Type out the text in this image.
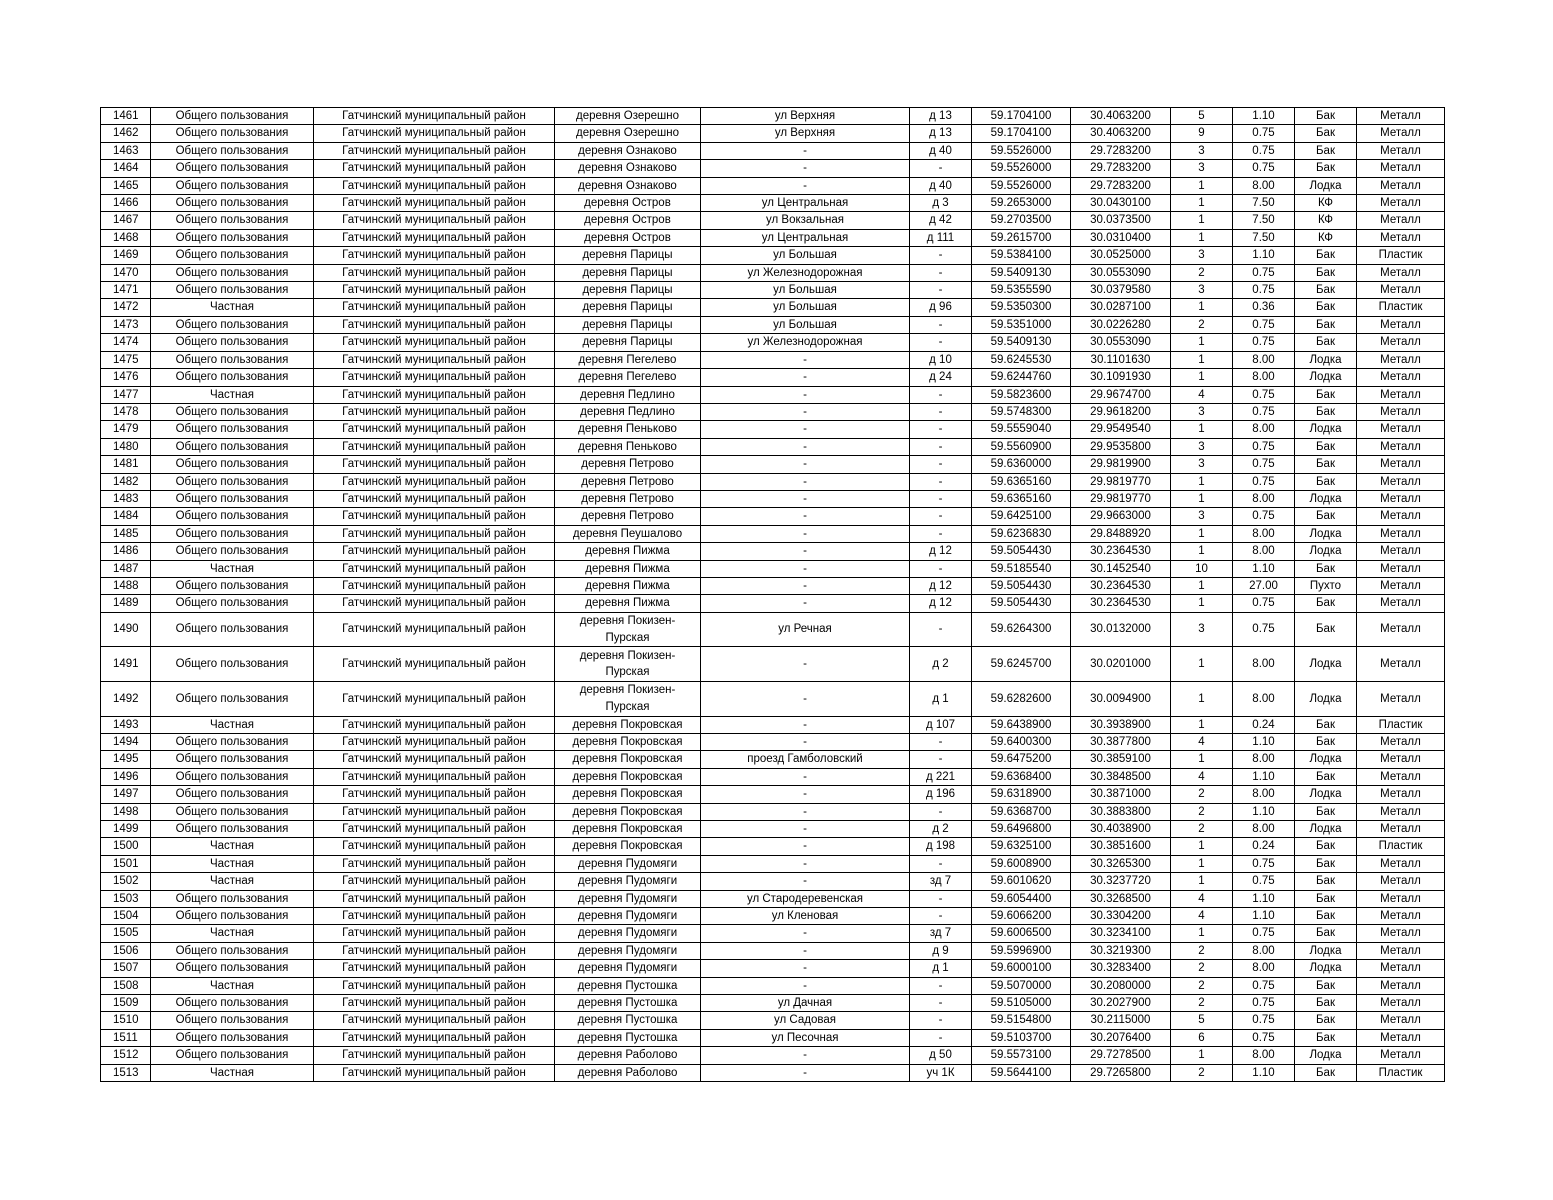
1461	Общего пользования	Гатчинский муниципальный район	деревня Озерешно	ул Верхняя	д 13	59.1704100	30.4063200	5	1.10	Бак	Металл
1462	Общего пользования	Гатчинский муниципальный район	деревня Озерешно	ул Верхняя	д 13	59.1704100	30.4063200	9	0.75	Бак	Металл
1463	Общего пользования	Гатчинский муниципальный район	деревня Ознаково	-	д 40	59.5526000	29.7283200	3	0.75	Бак	Металл
1464	Общего пользования	Гатчинский муниципальный район	деревня Ознаково	-	-	59.5526000	29.7283200	3	0.75	Бак	Металл
1465	Общего пользования	Гатчинский муниципальный район	деревня Ознаково	-	д 40	59.5526000	29.7283200	1	8.00	Лодка	Металл
1466	Общего пользования	Гатчинский муниципальный район	деревня Остров	ул Центральная	д 3	59.2653000	30.0430100	1	7.50	КФ	Металл
1467	Общего пользования	Гатчинский муниципальный район	деревня Остров	ул Вокзальная	д 42	59.2703500	30.0373500	1	7.50	КФ	Металл
1468	Общего пользования	Гатчинский муниципальный район	деревня Остров	ул Центральная	д 111	59.2615700	30.0310400	1	7.50	КФ	Металл
1469	Общего пользования	Гатчинский муниципальный район	деревня Парицы	ул Большая	-	59.5384100	30.0525000	3	1.10	Бак	Пластик
1470	Общего пользования	Гатчинский муниципальный район	деревня Парицы	ул Железнодорожная	-	59.5409130	30.0553090	2	0.75	Бак	Металл
1471	Общего пользования	Гатчинский муниципальный район	деревня Парицы	ул Большая	-	59.5355590	30.0379580	3	0.75	Бак	Металл
1472	Частная	Гатчинский муниципальный район	деревня Парицы	ул Большая	д 96	59.5350300	30.0287100	1	0.36	Бак	Пластик
1473	Общего пользования	Гатчинский муниципальный район	деревня Парицы	ул Большая	-	59.5351000	30.0226280	2	0.75	Бак	Металл
1474	Общего пользования	Гатчинский муниципальный район	деревня Парицы	ул Железнодорожная	-	59.5409130	30.0553090	1	0.75	Бак	Металл
1475	Общего пользования	Гатчинский муниципальный район	деревня Пегелево	-	д 10	59.6245530	30.1101630	1	8.00	Лодка	Металл
1476	Общего пользования	Гатчинский муниципальный район	деревня Пегелево	-	д 24	59.6244760	30.1091930	1	8.00	Лодка	Металл
1477	Частная	Гатчинский муниципальный район	деревня Педлино	-	-	59.5823600	29.9674700	4	0.75	Бак	Металл
1478	Общего пользования	Гатчинский муниципальный район	деревня Педлино	-	-	59.5748300	29.9618200	3	0.75	Бак	Металл
1479	Общего пользования	Гатчинский муниципальный район	деревня Пеньково	-	-	59.5559040	29.9549540	1	8.00	Лодка	Металл
1480	Общего пользования	Гатчинский муниципальный район	деревня Пеньково	-	-	59.5560900	29.9535800	3	0.75	Бак	Металл
1481	Общего пользования	Гатчинский муниципальный район	деревня Петрово	-	-	59.6360000	29.9819900	3	0.75	Бак	Металл
1482	Общего пользования	Гатчинский муниципальный район	деревня Петрово	-	-	59.6365160	29.9819770	1	0.75	Бак	Металл
1483	Общего пользования	Гатчинский муниципальный район	деревня Петрово	-	-	59.6365160	29.9819770	1	8.00	Лодка	Металл
1484	Общего пользования	Гатчинский муниципальный район	деревня Петрово	-	-	59.6425100	29.9663000	3	0.75	Бак	Металл
1485	Общего пользования	Гатчинский муниципальный район	деревня Пеушалово	-	-	59.6236830	29.8488920	1	8.00	Лодка	Металл
1486	Общего пользования	Гатчинский муниципальный район	деревня Пижма	-	д 12	59.5054430	30.2364530	1	8.00	Лодка	Металл
1487	Частная	Гатчинский муниципальный район	деревня Пижма	-	-	59.5185540	30.1452540	10	1.10	Бак	Металл
1488	Общего пользования	Гатчинский муниципальный район	деревня Пижма	-	д 12	59.5054430	30.2364530	1	27.00	Пухто	Металл
1489	Общего пользования	Гатчинский муниципальный район	деревня Пижма	-	д 12	59.5054430	30.2364530	1	0.75	Бак	Металл
1490	Общего пользования	Гатчинский муниципальный район	деревня Покизен-Пурская	ул Речная	-	59.6264300	30.0132000	3	0.75	Бак	Металл
1491	Общего пользования	Гатчинский муниципальный район	деревня Покизен-Пурская	-	д 2	59.6245700	30.0201000	1	8.00	Лодка	Металл
1492	Общего пользования	Гатчинский муниципальный район	деревня Покизен-Пурская	-	д 1	59.6282600	30.0094900	1	8.00	Лодка	Металл
1493	Частная	Гатчинский муниципальный район	деревня Покровская	-	д 107	59.6438900	30.3938900	1	0.24	Бак	Пластик
1494	Общего пользования	Гатчинский муниципальный район	деревня Покровская	-	-	59.6400300	30.3877800	4	1.10	Бак	Металл
1495	Общего пользования	Гатчинский муниципальный район	деревня Покровская	проезд Гамболовский	-	59.6475200	30.3859100	1	8.00	Лодка	Металл
1496	Общего пользования	Гатчинский муниципальный район	деревня Покровская	-	д 221	59.6368400	30.3848500	4	1.10	Бак	Металл
1497	Общего пользования	Гатчинский муниципальный район	деревня Покровская	-	д 196	59.6318900	30.3871000	2	8.00	Лодка	Металл
1498	Общего пользования	Гатчинский муниципальный район	деревня Покровская	-	-	59.6368700	30.3883800	2	1.10	Бак	Металл
1499	Общего пользования	Гатчинский муниципальный район	деревня Покровская	-	д 2	59.6496800	30.4038900	2	8.00	Лодка	Металл
1500	Частная	Гатчинский муниципальный район	деревня Покровская	-	д 198	59.6325100	30.3851600	1	0.24	Бак	Пластик
1501	Частная	Гатчинский муниципальный район	деревня Пудомяги	-	-	59.6008900	30.3265300	1	0.75	Бак	Металл
1502	Частная	Гатчинский муниципальный район	деревня Пудомяги	-	зд 7	59.6010620	30.3237720	1	0.75	Бак	Металл
1503	Общего пользования	Гатчинский муниципальный район	деревня Пудомяги	ул Стародеревенская	-	59.6054400	30.3268500	4	1.10	Бак	Металл
1504	Общего пользования	Гатчинский муниципальный район	деревня Пудомяги	ул Кленовая	-	59.6066200	30.3304200	4	1.10	Бак	Металл
1505	Частная	Гатчинский муниципальный район	деревня Пудомяги	-	зд 7	59.6006500	30.3234100	1	0.75	Бак	Металл
1506	Общего пользования	Гатчинский муниципальный район	деревня Пудомяги	-	д 9	59.5996900	30.3219300	2	8.00	Лодка	Металл
1507	Общего пользования	Гатчинский муниципальный район	деревня Пудомяги	-	д 1	59.6000100	30.3283400	2	8.00	Лодка	Металл
1508	Частная	Гатчинский муниципальный район	деревня Пустошка	-	-	59.5070000	30.2080000	2	0.75	Бак	Металл
1509	Общего пользования	Гатчинский муниципальный район	деревня Пустошка	ул Дачная	-	59.5105000	30.2027900	2	0.75	Бак	Металл
1510	Общего пользования	Гатчинский муниципальный район	деревня Пустошка	ул Садовая	-	59.5154800	30.2115000	5	0.75	Бак	Металл
1511	Общего пользования	Гатчинский муниципальный район	деревня Пустошка	ул Песочная	-	59.5103700	30.2076400	6	0.75	Бак	Металл
1512	Общего пользования	Гатчинский муниципальный район	деревня Раболово	-	д 50	59.5573100	29.7278500	1	8.00	Лодка	Металл
1513	Частная	Гатчинский муниципальный район	деревня Раболово	-	уч 1К	59.5644100	29.7265800	2	1.10	Бак	Пластик
